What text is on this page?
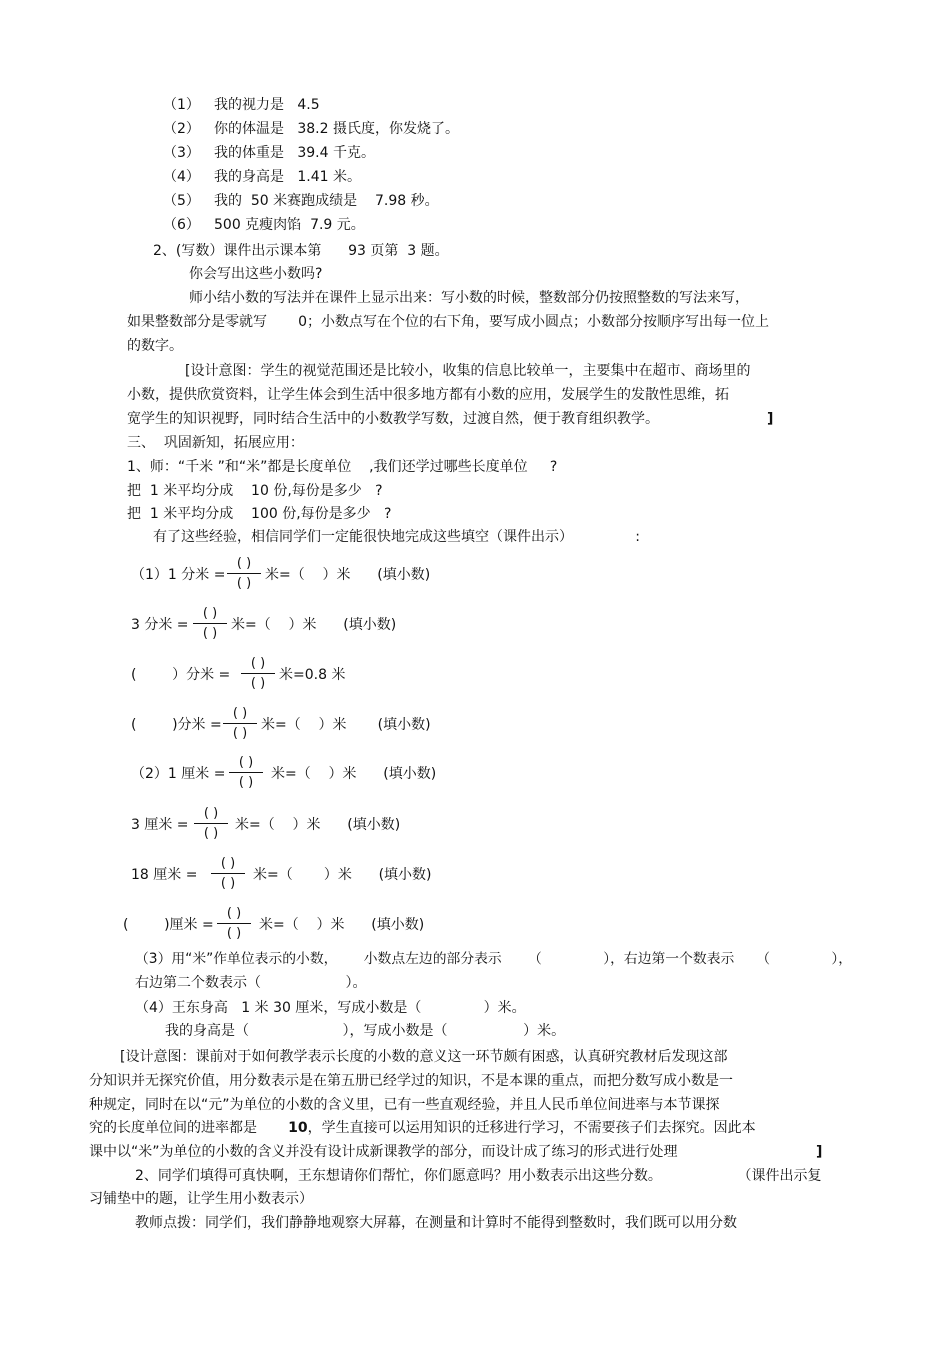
（1） 我的视力是   4.5
（2） 你的体温是   38.2 摄氏度，你发烧了。
（3） 我的体重是   39.4 千克。
（4） 我的身高是   1.41 米。
（5） 我的  50 米赛跑成绩是    7.98 秒。
（6） 500 克瘦肉馅  7.9 元。
2、(写数）课件出示课本第      93 页第  3 题。
你会写出这些小数吗?
师小结小数的写法并在课件上显示出来：写小数的时候，整数部分仍按照整数的写法来写，
如果整数部分是零就写       0；小数点写在个位的右下角，要写成小圆点；小数部分按顺序写出每一位上
的数字。
[设计意图：学生的视觉范围还是比较小，收集的信息比较单一，主要集中在超市、商场里的
小数，提供欣赏资料，让学生体会到生活中很多地方都有小数的应用，发展学生的发散性思维，拓
宽学生的知识视野，同时结合生活中的小数教学写数，过渡自然，便于教育组织教学。	]
三、  巩固新知，拓展应用：
1、师：“千米 ”和“米”都是长度单位    ,我们还学过哪些长度单位     ?
把  1 米平均分成    10 份,每份是多少   ?
把  1 米平均分成    100 份,每份是多少   ?
有了这些经验，相信同学们一定能很快地完成这些填空（课件出示）              :
（1）1 分米 =
( )
( )
米=（    ）米      (填小数)
3 分米 =
( )
( )
米=（    ）米      (填小数)
(        ）分米 =
( )
( )
米=0.8 米
(        )分米 =
( )
( )
米=（    ）米       (填小数)
（2）1 厘米 =
( )
( )
米=（    ）米      (填小数)
3 厘米 =
( )
( )
米=（    ）米      (填小数)
18 厘米 =
( )
( )
米=（       ）米      (填小数)
(        )厘米 =
( )
( )
米=（    ）米      (填小数)
（3）用“米”作单位表示的小数，      小数点左边的部分表示      （              ），右边第一个数表示     （              ），
右边第二个数表示（                   ）。
（4）王东身高   1 米 30 厘米，写成小数是（              ）米。
我的身高是（                     ），写成小数是（                 ）米。
[设计意图：课前对于如何教学表示长度的小数的意义这一环节颇有困惑，认真研究教材后发现这部
分知识并无探究价值，用分数表示是在第五册已经学过的知识，不是本课的重点，而把分数写成小数是一
种规定，同时在以“元”为单位的小数的含义里，已有一些直观经验，并且人民币单位间进率与本节课探
究的长度单位间的进率都是       10，学生直接可以运用知识的迁移进行学习，不需要孩子们去探究。因此本
课中以“米”为单位的小数的含义并没有设计成新课教学的部分，而设计成了练习的形式进行处理	]
2、同学们填得可真快啊，王东想请你们帮忙，你们愿意吗？用小数表示出这些分数。                 （课件出示复
习铺垫中的题，让学生用小数表示）
教师点拨：同学们，我们静静地观察大屏幕，在测量和计算时不能得到整数时，我们既可以用分数
